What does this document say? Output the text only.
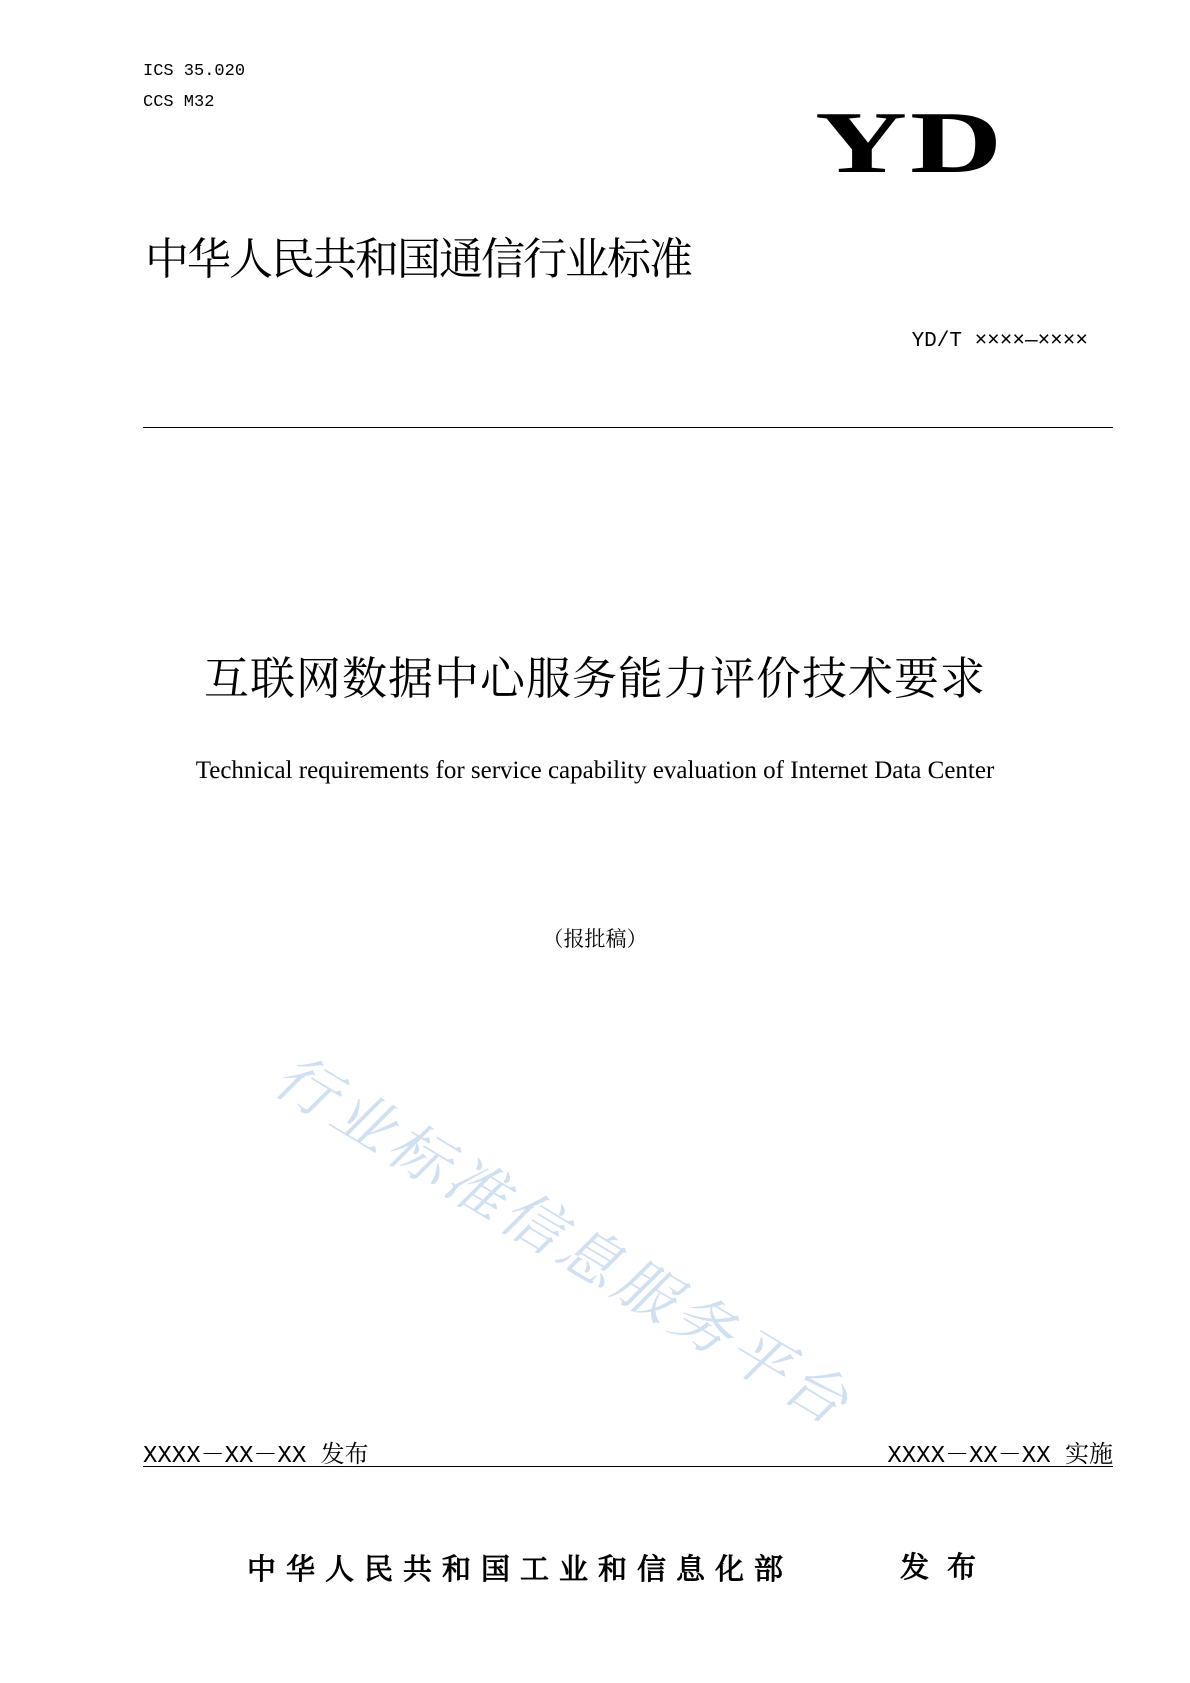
ICS 35.020
CCS M32	YD
中华人民共和国通信行业标准
YD/T ××××—××××
互联网数据中心服务能力评价技术要求
Technical requirements for service capability evaluation of Internet Data Center
（报批稿）
行业标准信息服务平台
XXXX－XX－XX 发布	XXXX－XX－XX 实施
中华人民共和国工业和信息化部	发布
